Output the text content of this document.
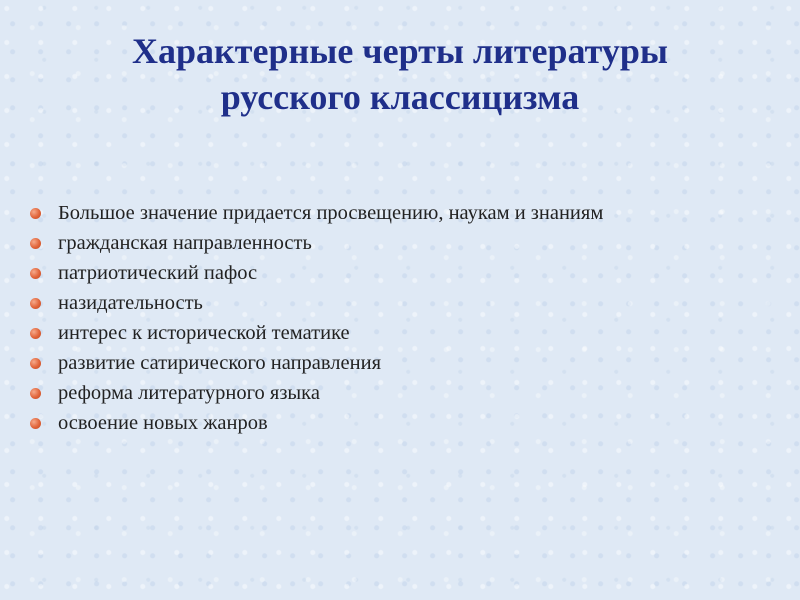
Характерные черты литературы
русского классицизма
Большое значение придается просвещению, наукам и знаниям
гражданская направленность
патриотический пафос
назидательность
интерес к исторической тематике
развитие сатирического направления
реформа литературного языка
освоение новых жанров
